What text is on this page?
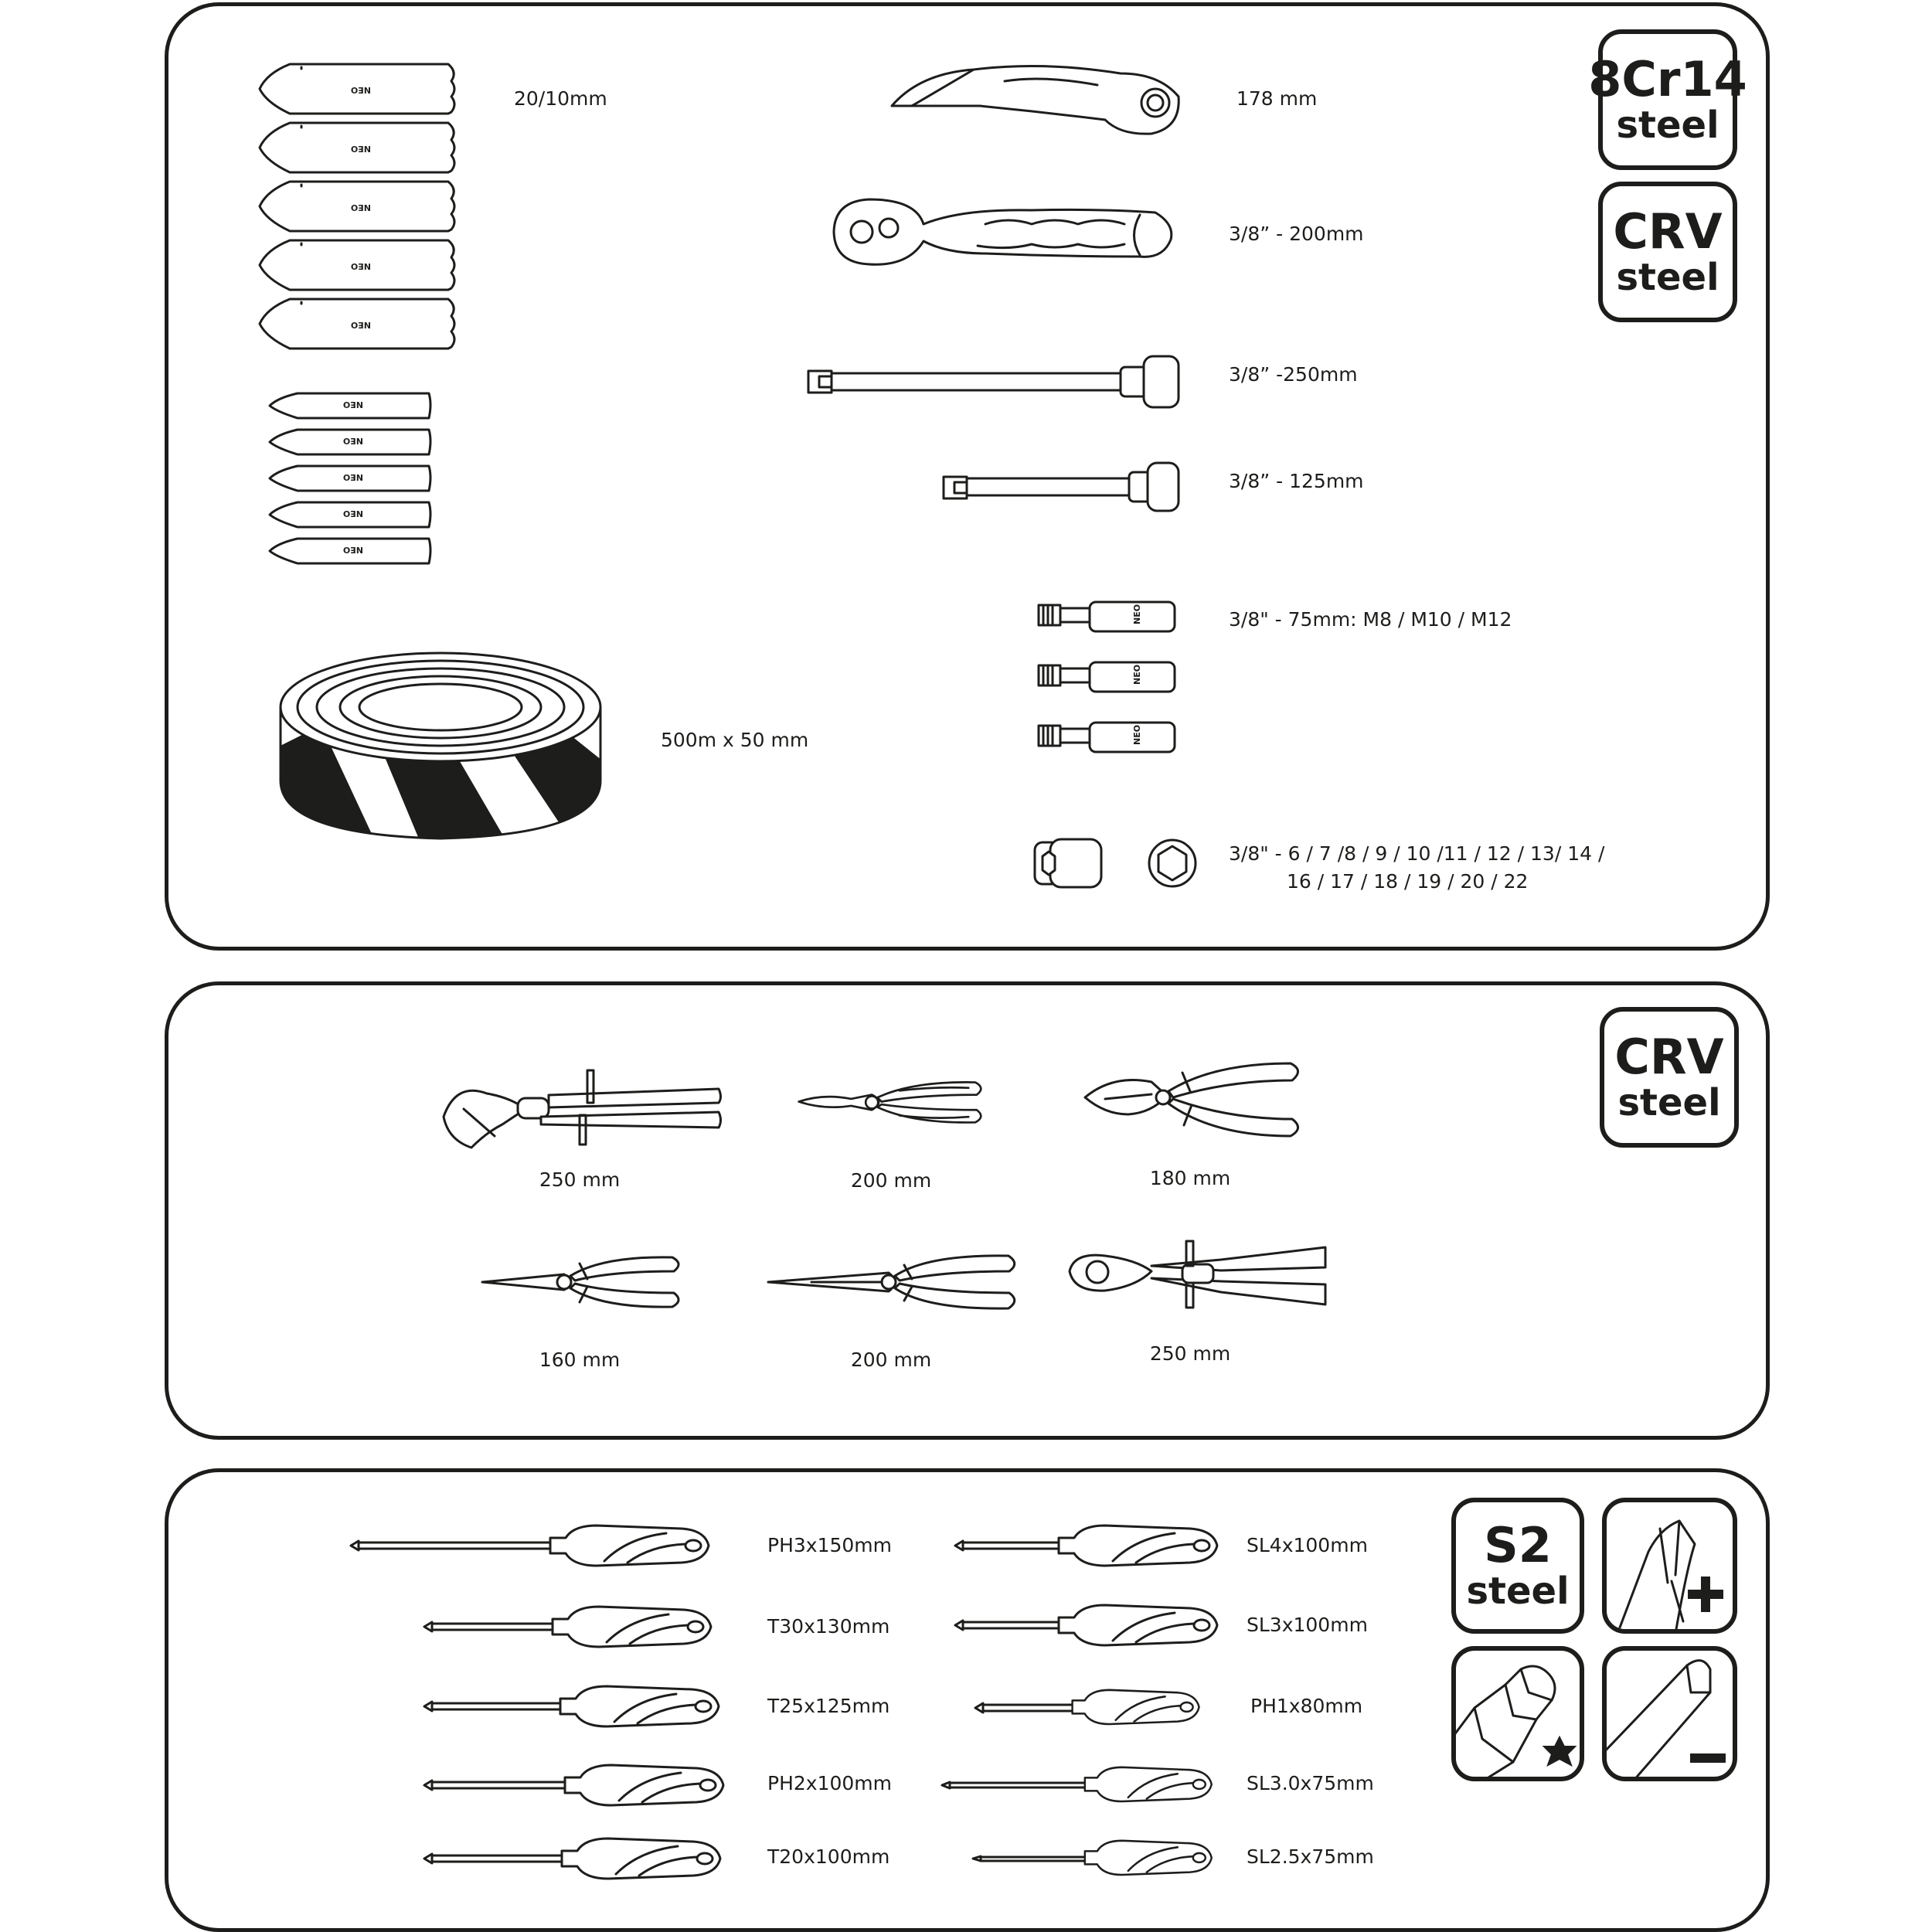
NEO	20/10mm
NEO
500m x 50 mm
178 mm
3/8” - 200mm
3/8” -250mm
3/8” - 125mm
NEO	3/8" - 75mm: M8 / M10 / M12
3/8" - 6 / 7 /8 / 9 / 10 /11 / 12 / 13/ 14 /
16 / 17 / 18 / 19 / 20 / 22
8Cr14
steel
CRV
steel
250 mm	200 mm	180 mm
160 mm	200 mm	250 mm
CRV
steel
PH3x150mm
T30x130mm
T25x125mm
PH2x100mm
T20x100mm
SL4x100mm
SL3x100mm
PH1x80mm
SL3.0x75mm
SL2.5x75mm
S2
steel
